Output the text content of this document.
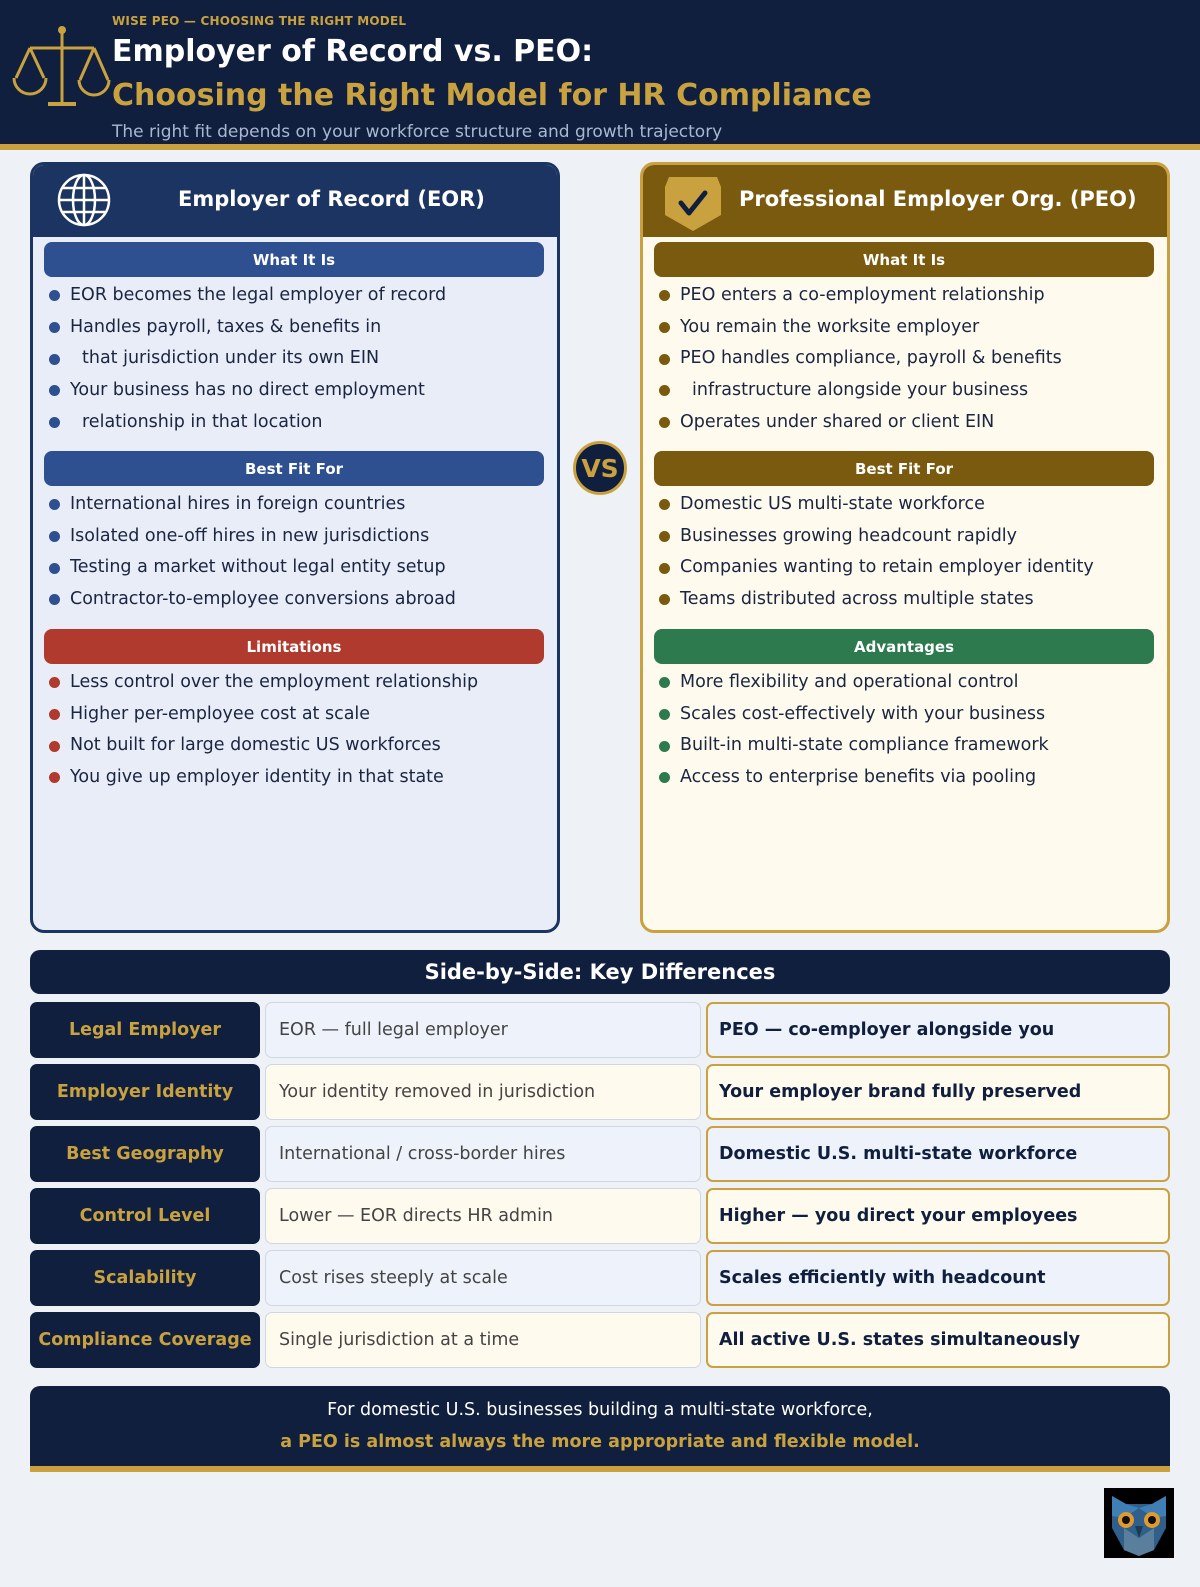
WISE PEO — CHOOSING THE RIGHT MODEL
Employer of Record vs. PEO:
Choosing the Right Model for HR Compliance
The right fit depends on your workforce structure and growth trajectory
Employer of Record (EOR)
What It Is
EOR becomes the legal employer of record
Handles payroll, taxes & benefits in
that jurisdiction under its own EIN
Your business has no direct employment
relationship in that location
Best Fit For
International hires in foreign countries
Isolated one-off hires in new jurisdictions
Testing a market without legal entity setup
Contractor-to-employee conversions abroad
Limitations
Less control over the employment relationship
Higher per-employee cost at scale
Not built for large domestic US workforces
You give up employer identity in that state
VS
Professional Employer Org. (PEO)
What It Is
PEO enters a co-employment relationship
You remain the worksite employer
PEO handles compliance, payroll & benefits
infrastructure alongside your business
Operates under shared or client EIN
Best Fit For
Domestic US multi-state workforce
Businesses growing headcount rapidly
Companies wanting to retain employer identity
Teams distributed across multiple states
Advantages
More flexibility and operational control
Scales cost-effectively with your business
Built-in multi-state compliance framework
Access to enterprise benefits via pooling
Side-by-Side: Key Differences
Legal Employer	EOR — full legal employer	PEO — co-employer alongside you
Employer Identity	Your identity removed in jurisdiction	Your employer brand fully preserved
Best Geography	International / cross-border hires	Domestic U.S. multi-state workforce
Control Level	Lower — EOR directs HR admin	Higher — you direct your employees
Scalability	Cost rises steeply at scale	Scales efficiently with headcount
Compliance Coverage	Single jurisdiction at a time	All active U.S. states simultaneously
For domestic U.S. businesses building a multi-state workforce,
a PEO is almost always the more appropriate and flexible model.
